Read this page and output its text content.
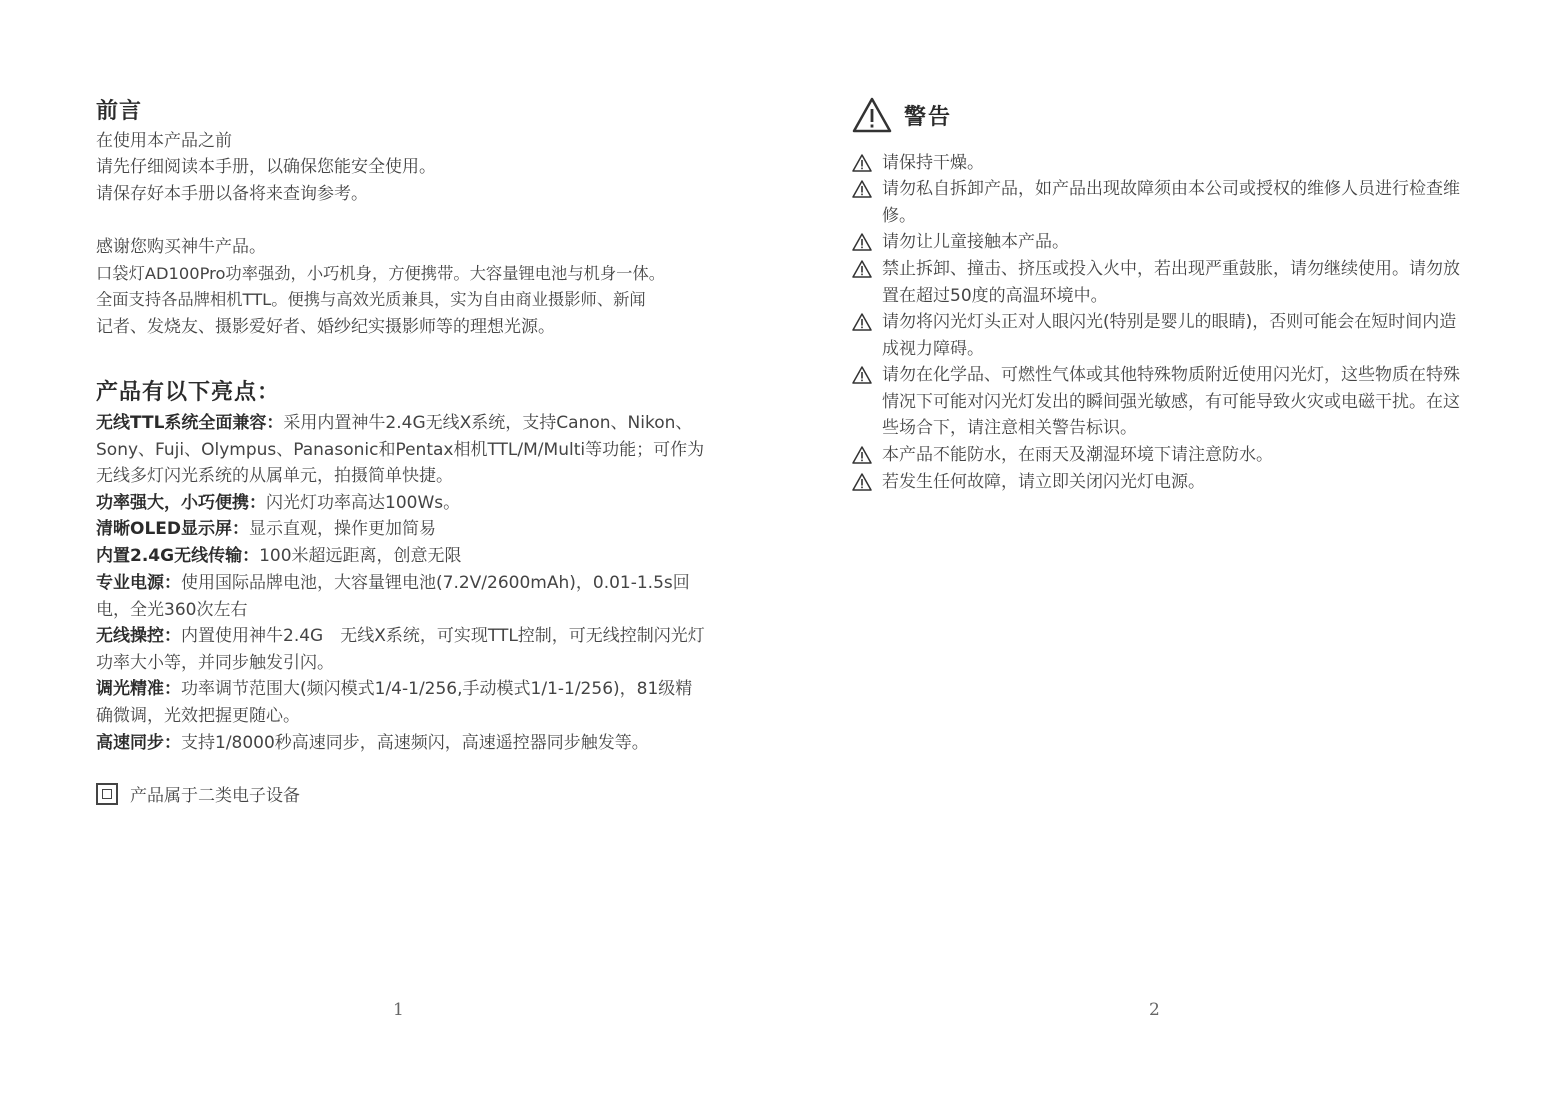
前言
在使用本产品之前
请先仔细阅读本手册，以确保您能安全使用。
请保存好本手册以备将来查询参考。
感谢您购买神牛产品。
口袋灯AD100Pro功率强劲，小巧机身，方便携带。大容量锂电池与机身一体。
全面支持各品牌相机TTL。便携与高效光质兼具，实为自由商业摄影师、新闻
记者、发烧友、摄影爱好者、婚纱纪实摄影师等的理想光源。
产品有以下亮点：
无线TTL系统全面兼容：采用内置神牛2.4G无线X系统，支持Canon、Nikon、Sony、Fuji、Olympus、Panasonic和Pentax相机TTL/M/Multi等功能；可作为无线多灯闪光系统的从属单元，拍摄简单快捷。
功率强大，小巧便携：闪光灯功率高达100Ws。
清晰OLED显示屏：显示直观，操作更加简易
内置2.4G无线传输：100米超远距离，创意无限
专业电源：使用国际品牌电池，大容量锂电池(7.2V/2600mAh)，0.01-1.5s回电，全光360次左右
无线操控：内置使用神牛2.4G　无线X系统，可实现TTL控制，可无线控制闪光灯功率大小等，并同步触发引闪。
调光精准：功率调节范围大(频闪模式1/4-1/256,手动模式1/1-1/256)，81级精确微调，光效把握更随心。
高速同步：支持1/8000秒高速同步，高速频闪，高速遥控器同步触发等。
产品属于二类电子设备
1
警告
请保持干燥。
请勿私自拆卸产品，如产品出现故障须由本公司或授权的维修人员进行检查维修。
请勿让儿童接触本产品。
禁止拆卸、撞击、挤压或投入火中，若出现严重鼓胀，请勿继续使用。请勿放置在超过50度的高温环境中。
请勿将闪光灯头正对人眼闪光(特别是婴儿的眼睛)，否则可能会在短时间内造成视力障碍。
请勿在化学品、可燃性气体或其他特殊物质附近使用闪光灯，这些物质在特殊情况下可能对闪光灯发出的瞬间强光敏感，有可能导致火灾或电磁干扰。在这些场合下，请注意相关警告标识。
本产品不能防水，在雨天及潮湿环境下请注意防水。
若发生任何故障，请立即关闭闪光灯电源。
2
